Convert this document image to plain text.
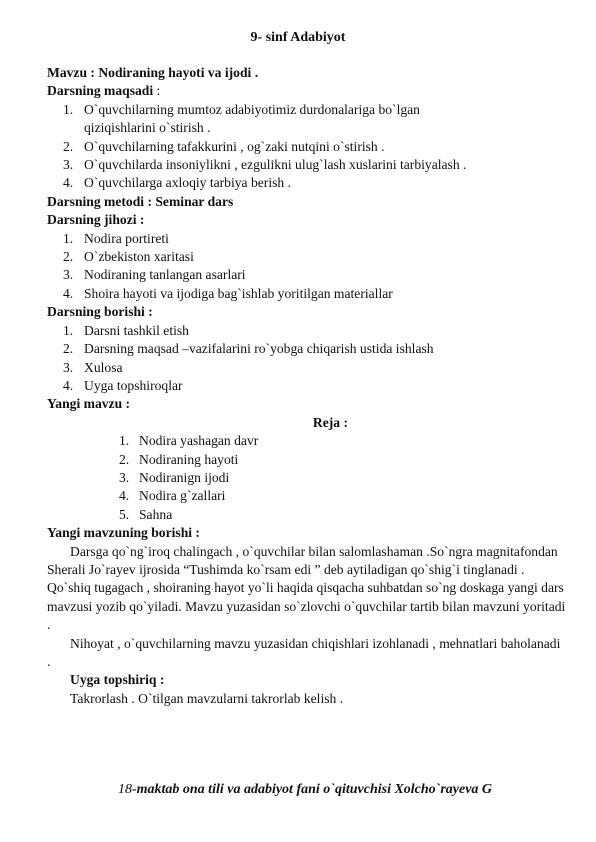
9- sinf Adabiyot
Mavzu : Nodiraning hayoti va ijodi .
Darsning maqsadi :
1. O`quvchilarning mumtoz adabiyotimiz durdonalariga bo`lgan
qiziqishlarini o`stirish .
2. O`quvchilarning tafakkurini , og`zaki nutqini o`stirish .
3. O`quvchilarda insoniylikni , ezgulikni ulug`lash xuslarini tarbiyalash .
4. O`quvchilarga axloqiy tarbiya berish .
Darsning metodi : Seminar dars
Darsning jihozi :
1. Nodira portireti
2. O`zbekiston xaritasi
3. Nodiraning tanlangan asarlari
4. Shoira hayoti va ijodiga bag`ishlab yoritilgan materiallar
Darsning borishi :
1. Darsni tashkil etish
2. Darsning maqsad –vazifalarini ro`yobga chiqarish ustida ishlash
3. Xulosa
4. Uyga topshiroqlar
Yangi mavzu :
Reja :
1. Nodira yashagan davr
2. Nodiraning hayoti
3. Nodiranign ijodi
4. Nodira g`zallari
5. Sahna
Yangi mavzuning borishi :
Darsga qo`ng`iroq chalingach , o`quvchilar bilan salomlashaman .So`ngra magnitafondan Sherali Jo`rayev ijrosida “Tushimda ko`rsam edi ” deb aytiladigan qo`shig`i tinglanadi . Qo`shiq tugagach , shoiraning hayot yo`li haqida qisqacha suhbatdan so`ng doskaga yangi dars mavzusi yozib qo`yiladi. Mavzu yuzasidan so`zlovchi o`quvchilar tartib bilan mavzuni yoritadi .
Nihoyat , o`quvchilarning mavzu yuzasidan chiqishlari izohlanadi , mehnatlari baholanadi .
Uyga topshiriq :
Takrorlash . O`tilgan mavzularni takrorlab kelish .
18-maktab ona tili va adabiyot fani o`qituvchisi Xolcho`rayeva G
